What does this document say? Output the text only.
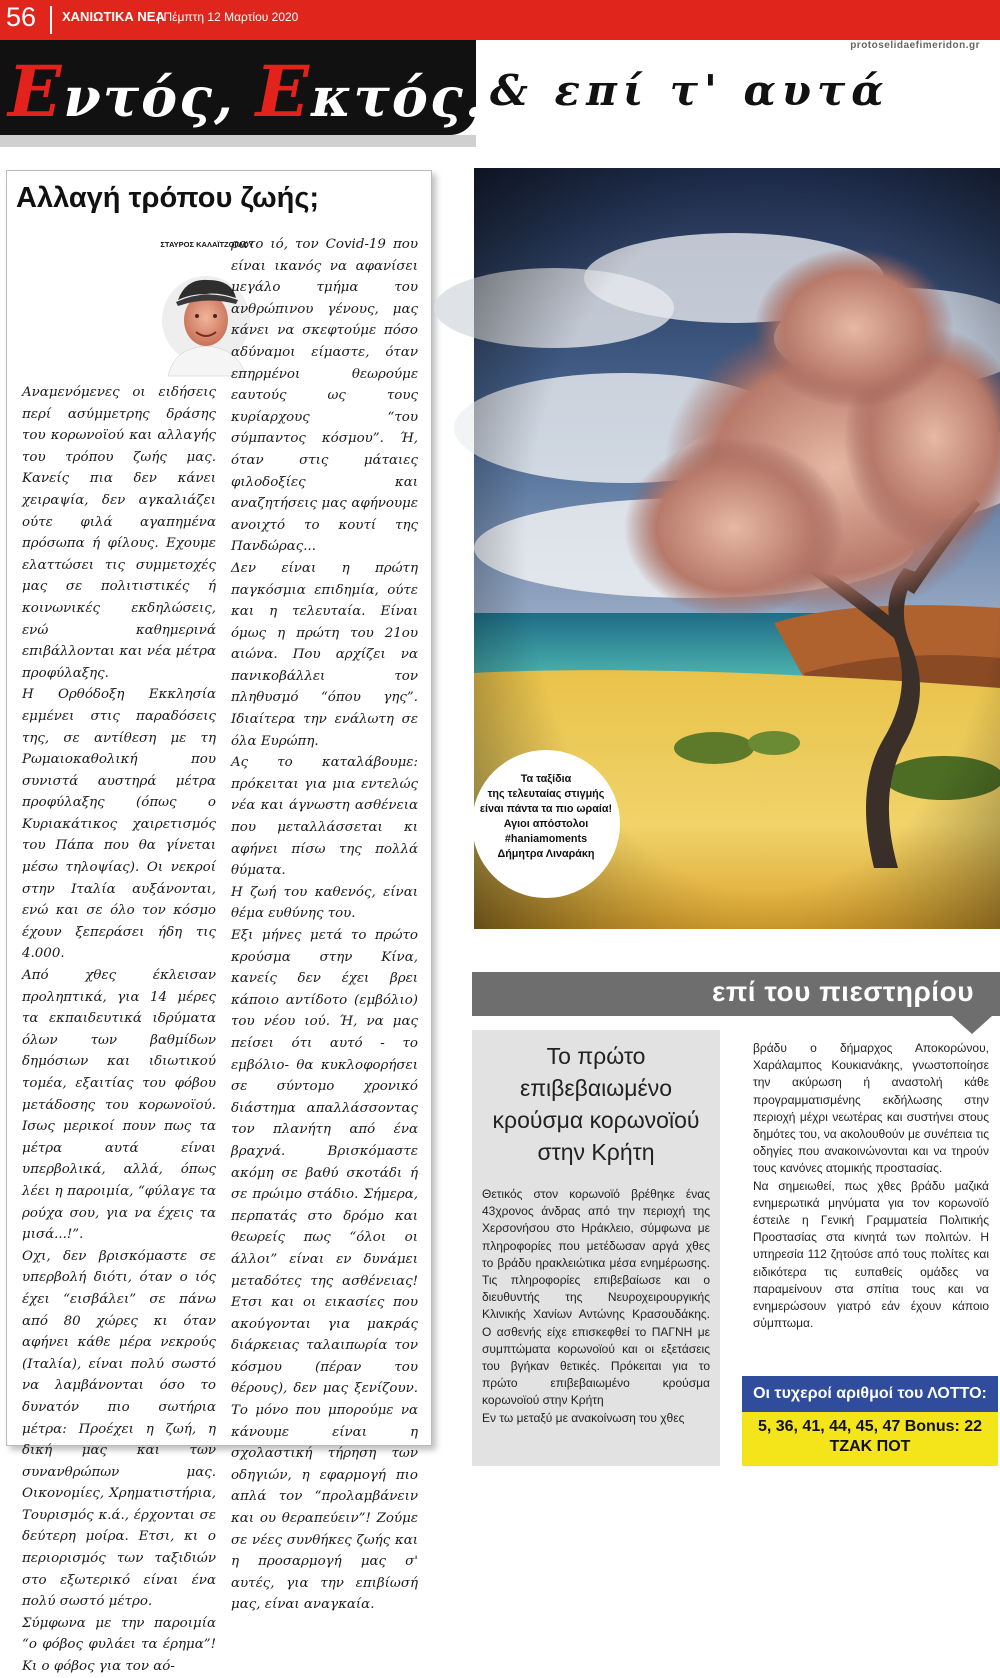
56 ΧΑΝΙΩΤΙΚΑ ΝΕΑ
| Πέμπτη 12 Μαρτίου 2020
protoselidaefimeridon.gr
Εντός, Εκτός...
& επί τ' αυτά
Αλλαγή τρόπου ζωής;

Αναμενόμενες οι ειδήσεις περί ασύμμετρης δράσης του κορωνοϊού και αλλαγής του τρόπου ζωής μας. Κανείς πια δεν κάνει χειραψία, δεν αγκαλιάζει ούτε φιλά αγαπημένα πρόσωπα ή φίλους. Εχουμε ελαττώσει τις συμμετοχές μας σε πολιτιστικές ή κοινωνικές εκδηλώσεις, ενώ καθημερινά επιβάλλονται και νέα μέτρα προφύλαξης.

Η Ορθόδοξη Εκκλησία εμμένει στις παραδόσεις της, σε αντίθεση με τη Ρωμαιοκαθολική που συνιστά αυστηρά μέτρα προφύλαξης (όπως ο Κυριακάτικος χαιρετισμός του Πάπα που θα γίνεται μέσω τηλοψίας). Οι νεκροί στην Ιταλία αυξάνονται, ενώ και σε όλο τον κόσμο έχουν ξεπεράσει ήδη τις 4.000.

Από χθες έκλεισαν προληπτικά, για 14 μέρες τα εκπαιδευτικά ιδρύματα όλων των βαθμίδων δημόσιων και ιδιωτικού τομέα, εξαιτίας του φόβου μετάδοσης του κορωνοϊού. Ισως μερικοί πουν πως τα μέτρα αυτά είναι υπερβολικά, αλλά, όπως λέει η παροιμία, “φύλαγε τα ρούχα σου, για να έχεις τα μισά...!”.

Οχι, δεν βρισκόμαστε σε υπερβολή διότι, όταν ο ιός έχει “εισβάλει” σε πάνω από 80 χώρες κι όταν αφήνει κάθε μέρα νεκρούς (Ιταλία), είναι πολύ σωστό να λαμβάνονται όσο το δυνατόν πιο σωτήρια μέτρα: Προέχει η ζωή, η δική μας και των συνανθρώπων μας. Οικονομίες, Χρηματιστήρια, Τουρισμός κ.ά., έρχονται σε δεύτερη μοίρα. Ετσι, κι ο περιορισμός των ταξιδιών στο εξωτερικό είναι ένα πολύ σωστό μέτρο.

Σύμφωνα με την παροιμία “ο φόβος φυλάει τα έρημα”! Κι ο φόβος για τον αό-

ΣΤΑΥΡΟΣ ΚΑΛΑΪΤΖΟΓΛΟΥ

ρατο ιό, τον Covid-19 που είναι ικανός να αφανίσει μεγάλο τμήμα του ανθρώπινου γένους, μας κάνει να σκεφτούμε πόσο αδύναμοι είμαστε, όταν επηρμένοι θεωρούμε εαυτούς ως τους κυρίαρχους “του σύμπαντος κόσμου”. Ή, όταν στις μάταιες φιλοδοξίες και αναζητήσεις μας αφήνουμε ανοιχτό το κουτί της Πανδώρας...

Δεν είναι η πρώτη παγκόσμια επιδημία, ούτε και η τελευταία. Είναι όμως η πρώτη του 21ου αιώνα. Που αρχίζει να πανικοβάλλει τον πληθυσμό “όπου γης”. Ιδιαίτερα την ενάλωτη σε όλα Ευρώπη.

Ας το καταλάβουμε: πρόκειται για μια εντελώς νέα και άγνωστη ασθένεια που μεταλλάσσεται κι αφήνει πίσω της πολλά θύματα.

Η ζωή του καθενός, είναι θέμα ευθύνης του.

Εξι μήνες μετά το πρώτο κρούσμα στην Κίνα, κανείς δεν έχει βρει κάποιο αντίδοτο (εμβόλιο) του νέου ιού. Ή, να μας πείσει ότι αυτό - το εμβόλιο- θα κυκλοφορήσει σε σύντομο χρονικό διάστημα απαλλάσσοντας τον πλανήτη από ένα βραχνά. Βρισκόμαστε ακόμη σε βαθύ σκοτάδι ή σε πρώιμο στάδιο. Σήμερα, περπατάς στο δρόμο και θεωρείς πως “όλοι οι άλλοι” είναι εν δυνάμει μεταδότες της ασθένειας! Ετσι και οι εικασίες που ακούγονται για μακράς διάρκειας ταλαιπωρία τον κόσμου (πέραν του θέρους), δεν μας ξενίζουν. Το μόνο που μπορούμε να κάνουμε είναι η σχολαστική τήρηση των οδηγιών, η εφαρμογή πιο απλά τον “προλαμβάνειν και ου θεραπεύειν”! Ζούμε σε νέες συνθήκες ζωής και η προσαρμογή μας σ' αυτές, για την επιβίωσή μας, είναι αναγκαία.

Τα ταξίδια
της τελευταίας στιγμής
είναι πάντα τα πιο ωραία!
Αγιοι απόστολοι
#haniamoments
Δήμητρα Λιναράκη
επί του πιεστηρίου
Το πρώτο επιβεβαιωμένο κρούσμα κορωνοϊού στην Κρήτη

Θετικός στον κορωνοϊό βρέθηκε ένας 43χρονος άνδρας από την περιοχή της Χερσονήσου στο Ηράκλειο, σύμφωνα με πληροφορίες που μετέδωσαν αργά χθες το βράδυ ηρακλειώτικα μέσα ενημέρωσης. Τις πληροφορίες επιβεβαίωσε και ο διευθυντής της Νευροχειρουργικής Κλινικής Χανίων Αντώνης Κρασουδάκης. Ο ασθενής είχε επισκεφθεί το ΠΑΓΝΗ με συμπτώματα κορωνοϊού και οι εξετάσεις του βγήκαν θετικές. Πρόκειται για το πρώτο επιβεβαιωμένο κρούσμα κορωνοϊού στην Κρήτη

Εν τω μεταξύ με ανακοίνωση του χθες

βράδυ ο δήμαρχος Αποκορώνου, Χαράλαμπος Κουκιανάκης, γνωστοποίησε την ακύρωση ή αναστολή κάθε προγραμματισμένης εκδήλωσης στην περιοχή μέχρι νεωτέρας και συστήνει στους δημότες του, να ακολουθούν με συνέπεια τις οδηγίες που ανακοινώνονται και να τηρούν τους κανόνες ατομικής προστασίας.

Να σημειωθεί, πως χθες βράδυ μαζικά ενημερωτικά μηνύματα για τον κορωνοϊό έστειλε η Γενική Γραμματεία Πολιτικής Προστασίας στα κινητά των πολιτών. Η υπηρεσία 112 ζητούσε από τους πολίτες και ειδικότερα τις ευπαθείς ομάδες να παραμείνουν στα σπίτια τους και να ενημερώσουν γιατρό εάν έχουν κάποιο σύμπτωμα.

Οι τυχεροί αριθμοί του ΛΟΤΤΟ:
5, 36, 41, 44, 45, 47 Bonus: 22
ΤΖΑΚ ΠΟΤ
